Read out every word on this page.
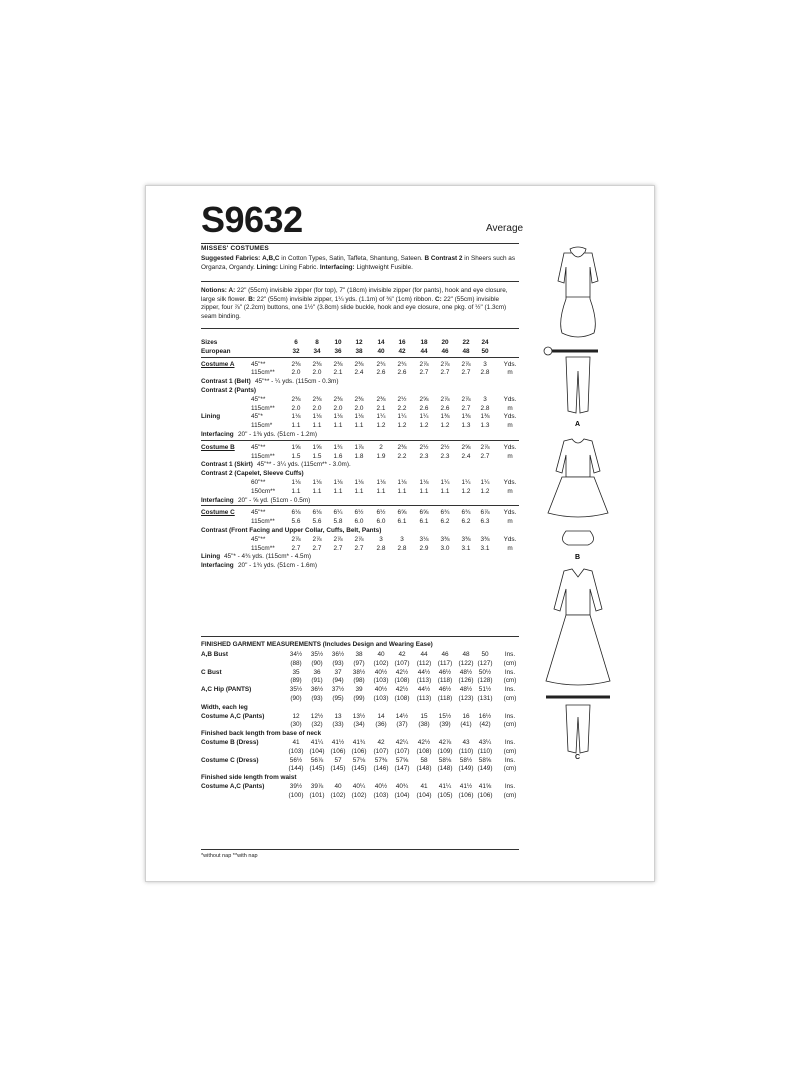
S9632	Average
MISSES' COSTUMES
Suggested Fabrics: A,B,C in Cotton Types, Satin, Taffeta, Shantung, Sateen. B Contrast 2 in Sheers such as Organza, Organdy. Lining: Lining Fabric. Interfacing: Lightweight Fusible.
Notions: A: 22" (55cm) invisible zipper (for top), 7" (18cm) invisible zipper (for pants), hook and eye closure, large silk flower. B: 22" (55cm) invisible zipper, 1¼ yds. (1.1m) of ⅜" (1cm) ribbon. C: 22" (55cm) invisible zipper, four ⅞" (2.2cm) buttons, one 1½" (3.8cm) slide buckle, hook and eye closure, one pkg. of ½" (1.3cm) seam binding.
Sizes	6	8	10	12	14	16	18	20	22	24
European	32	34	36	38	40	42	44	46	48	50
Costume A	45"**	2⅜	2⅜	2⅜	2⅜	2¾	2¾	2⅞	2⅞	2⅞	3	Yds.
115cm**	2.0	2.0	2.1	2.4	2.6	2.6	2.7	2.7	2.7	2.8	m
Contrast 1 (Belt) 45"** - ¼ yds. (115cm - 0.3m)
Contrast 2 (Pants)
45"**	2⅜	2⅜	2⅜	2⅜	2⅜	2½	2⅝	2⅞	2⅞	3	Yds.
115cm**	2.0	2.0	2.0	2.0	2.1	2.2	2.6	2.6	2.7	2.8	m
Lining	45"*	1⅛	1⅛	1⅛	1⅛	1¼	1¼	1¼	1⅜	1⅜	1⅜	Yds.
115cm*	1.1	1.1	1.1	1.1	1.2	1.2	1.2	1.2	1.3	1.3	m
Interfacing 20" - 1⅜ yds. (51cm - 1.2m)
Costume B	45"**	1⅝	1⅝	1¾	1⅞	2	2⅜	2½	2½	2⅝	2⅞	Yds.
115cm**	1.5	1.5	1.6	1.8	1.9	2.2	2.3	2.3	2.4	2.7	m
Contrast 1 (Skirt) 45"** - 3¼ yds. (115cm** - 3.0m).
Contrast 2 (Capelet, Sleeve Cuffs)
60"**	1⅛	1⅛	1⅛	1⅛	1⅛	1⅛	1⅛	1¼	1¼	1¼	Yds.
150cm**	1.1	1.1	1.1	1.1	1.1	1.1	1.1	1.1	1.2	1.2	m
Interfacing 20" - ⅝ yd. (51cm - 0.5m)
Costume C	45"**	6⅛	6⅛	6¼	6½	6½	6⅝	6⅝	6¾	6¾	6⅞	Yds.
115cm**	5.6	5.6	5.8	6.0	6.0	6.1	6.1	6.2	6.2	6.3	m
Contrast (Front Facing and Upper Collar, Cuffs, Belt, Pants)
45"**	2⅞	2⅞	2⅞	2⅞	3	3	3⅛	3⅜	3⅜	3⅜	Yds.
115cm**	2.7	2.7	2.7	2.7	2.8	2.8	2.9	3.0	3.1	3.1	m
Lining 45"* - 4¾ yds. (115cm* - 4.5m)
Interfacing 20" - 1¾ yds. (51cm - 1.6m)
FINISHED GARMENT MEASUREMENTS (Includes Design and Wearing Ease)
A,B Bust	34½	35½	36½	38	40	42	44	46	48	50	Ins.
(88)	(90)	(93)	(97)	(102) (107)	(112)	(117) (122) (127)	(cm)
C Bust	35	36	37	38½	40½	42½	44½	46½	48½	50½	Ins.
(89)	(91)	(94)	(98)	(103) (108)	(113)	(118) (126) (128)	(cm)
A,C Hip (PANTS)	35½	36½	37½	39	40½	42½	44½	46½	48½	51½	Ins.
(90)	(93)	(95)	(99)	(103) (108)	(113)	(118) (123) (131)	(cm)
Width, each leg
Costume A,C (Pants)	12	12½	13	13½	14	14½	15	15½	16	16½	Ins.
(30)	(32)	(33)	(34)	(36)	(37)	(38)	(39)	(41)	(42)	(cm)
Finished back length from base of neck
Costume B (Dress)	41	41¼	41½	41¾	42	42¼	42½	42⅞	43	43¼	Ins.
(103) (104) (106) (106)	(107) (107)	(108) (109) (110) (110)	(cm)
Costume C (Dress)	56½	56⅞	57	57⅛	57⅜	57⅝	58	58⅛	58½	58⅝	Ins.
(144) (145) (145) (145)	(146) (147)	(148) (148) (149) (149)	(cm)
Finished side length from waist
Costume A,C (Pants)	39½	39⅞	40	40¼	40½	40¾	41	41¼	41½	41⅝	Ins.
(100) (101) (102) (102)	(103) (104)	(104) (105) (106) (106)	(cm)
*without nap **with nap
A
B
C
